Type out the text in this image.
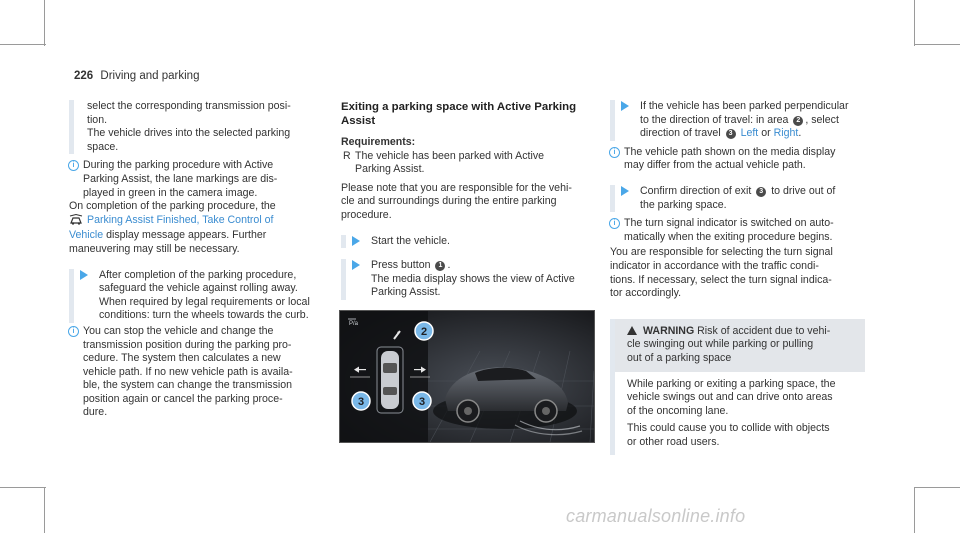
226 Driving and parking

select the corresponding transmission posi-

tion.

The vehicle drives into the selected parking

space.

i During the parking procedure with Active

Parking Assist, the lane markings are dis-

played in green in the camera image.

On completion of the parking procedure, the

Parking Assist Finished, Take Control of

Vehicle display message appears. Further

maneuvering may still be necessary.

After completion of the parking procedure,

safeguard the vehicle against rolling away.

When required by legal requirements or local

conditions: turn the wheels towards the curb.

i You can stop the vehicle and change the

transmission position during the parking pro-

cedure. The system then calculates a new

vehicle path. If no new vehicle path is availa-

ble, the system can change the transmission

position again or cancel the parking proce-

dure.

Exiting a parking space with Active Parking
Assist

Requirements:

R The vehicle has been parked with Active

Parking Assist.

Please note that you are responsible for the vehi-

cle and surroundings during the entire parking

procedure.

Start the vehicle.

Press button 1 .

The media display shows the view of Active

Parking Assist.

P/a
2
3	3

If the vehicle has been parked perpendicular

to the direction of travel: in area 2 , select

direction of travel 3 Left or Right.

i The vehicle path shown on the media display

may differ from the actual vehicle path.

Confirm direction of exit 3 to drive out of

the parking space.

i The turn signal indicator is switched on auto-

matically when the exiting procedure begins.

You are responsible for selecting the turn signal

indicator in accordance with the traffic condi-

tions. If necessary, select the turn signal indica-

tor accordingly.

WARNING Risk of accident due to vehi-

cle swinging out while parking or pulling

out of a parking space

While parking or exiting a parking space, the

vehicle swings out and can drive onto areas

of the oncoming lane.

This could cause you to collide with objects

or other road users.

carmanualsonline.info
